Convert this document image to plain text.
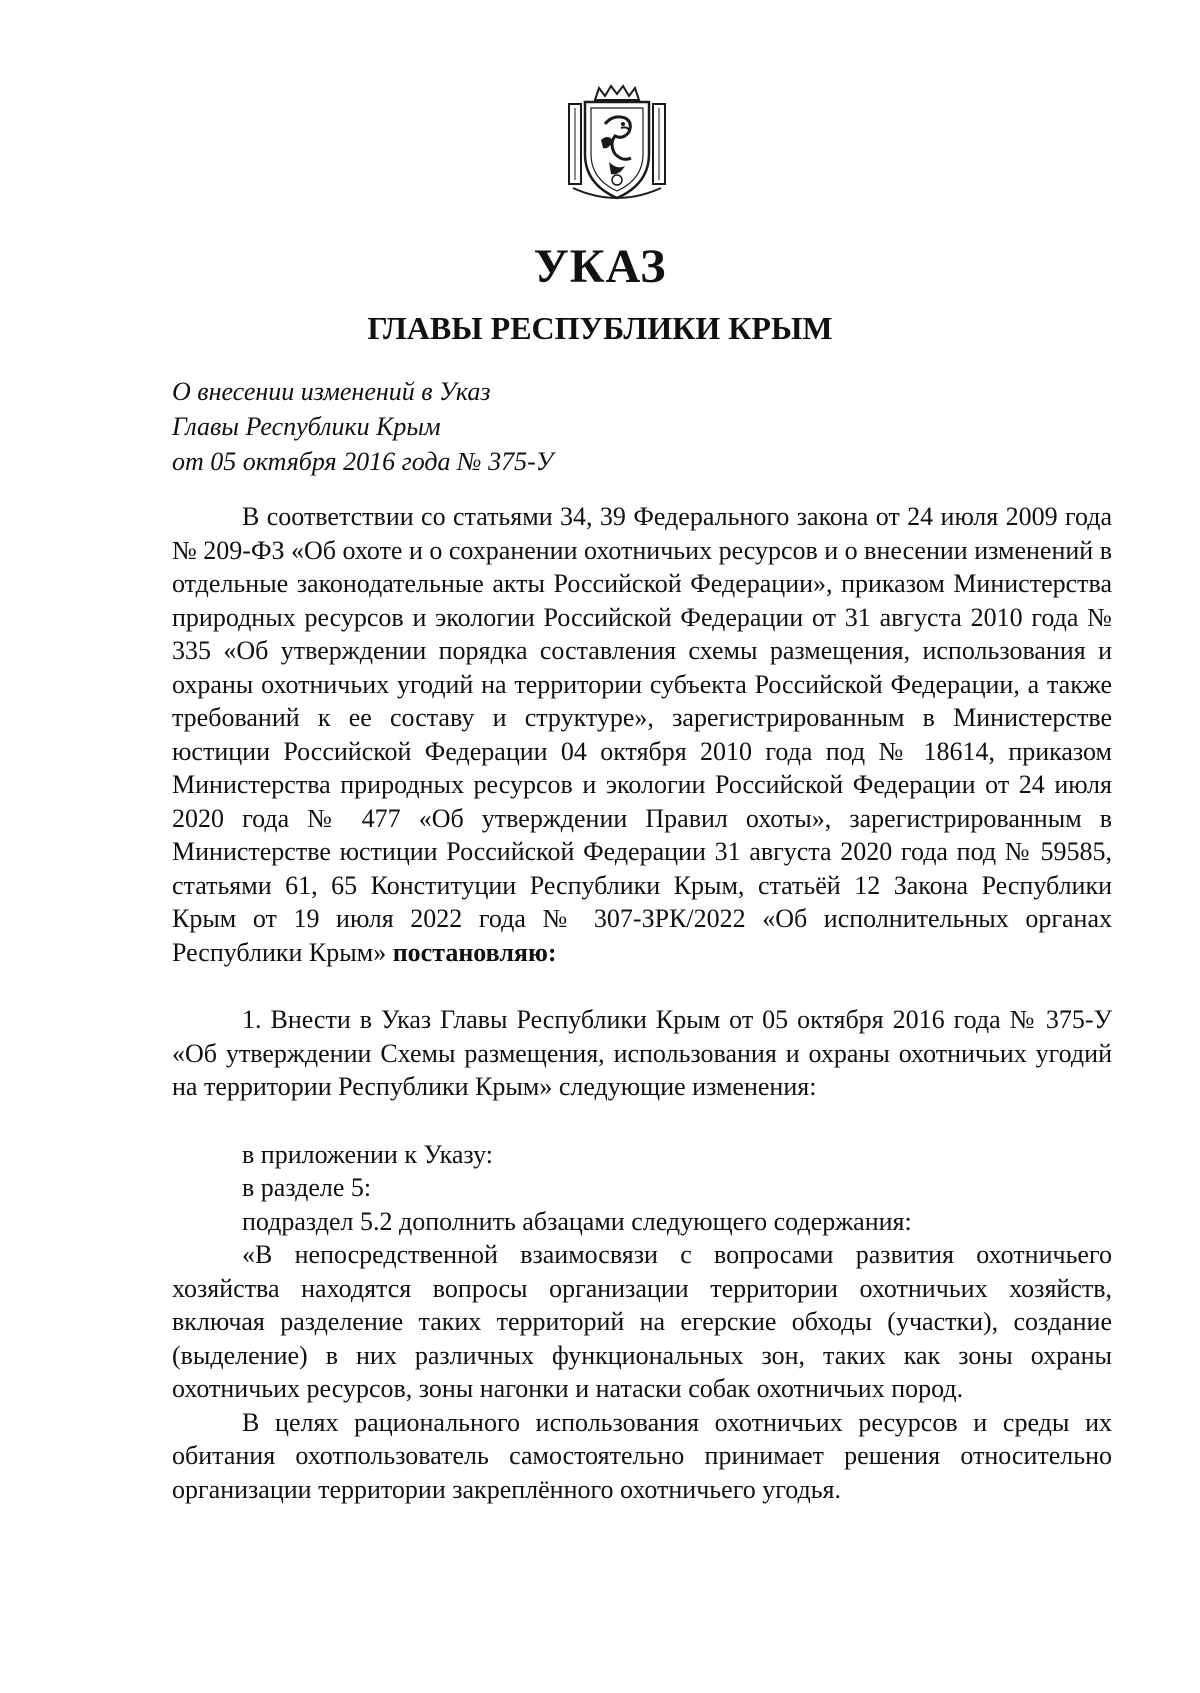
УКАЗ
ГЛАВЫ РЕСПУБЛИКИ КРЫМ
О внесении изменений в Указ
Главы Республики Крым
от 05 октября 2016 года № 375-У

В соответствии со статьями 34, 39 Федерального закона от 24 июля 2009 года № 209-ФЗ «Об охоте и о сохранении охотничьих ресурсов и о внесении изменений в отдельные законодательные акты Российской Федерации», приказом Министерства природных ресурсов и экологии Российской Федерации от 31 августа 2010 года № 335 «Об утверждении порядка составления схемы размещения, использования и охраны охотничьих угодий на территории субъекта Российской Федерации, а также требований к ее составу и структуре», зарегистрированным в Министерстве юстиции Российской Федерации 04 октября 2010 года под № 18614, приказом Министерства природных ресурсов и экологии Российской Федерации от 24 июля 2020 года № 477 «Об утверждении Правил охоты», зарегистрированным в Министерстве юстиции Российской Федерации 31 августа 2020 года под № 59585, статьями 61, 65 Конституции Республики Крым, статьёй 12 Закона Республики Крым от 19 июля 2022 года № 307-ЗРК/2022 «Об исполнительных органах Республики Крым» постановляю:

1. Внести в Указ Главы Республики Крым от 05 октября 2016 года № 375-У «Об утверждении Схемы размещения, использования и охраны охотничьих угодий на территории Республики Крым» следующие изменения:

в приложении к Указу:

в разделе 5:

подраздел 5.2 дополнить абзацами следующего содержания:

«В непосредственной взаимосвязи с вопросами развития охотничьего хозяйства находятся вопросы организации территории охотничьих хозяйств, включая разделение таких территорий на егерские обходы (участки), создание (выделение) в них различных функциональных зон, таких как зоны охраны охотничьих ресурсов, зоны нагонки и натаски собак охотничьих пород.

В целях рационального использования охотничьих ресурсов и среды их обитания охотпользователь самостоятельно принимает решения относительно организации территории закреплённого охотничьего угодья.
